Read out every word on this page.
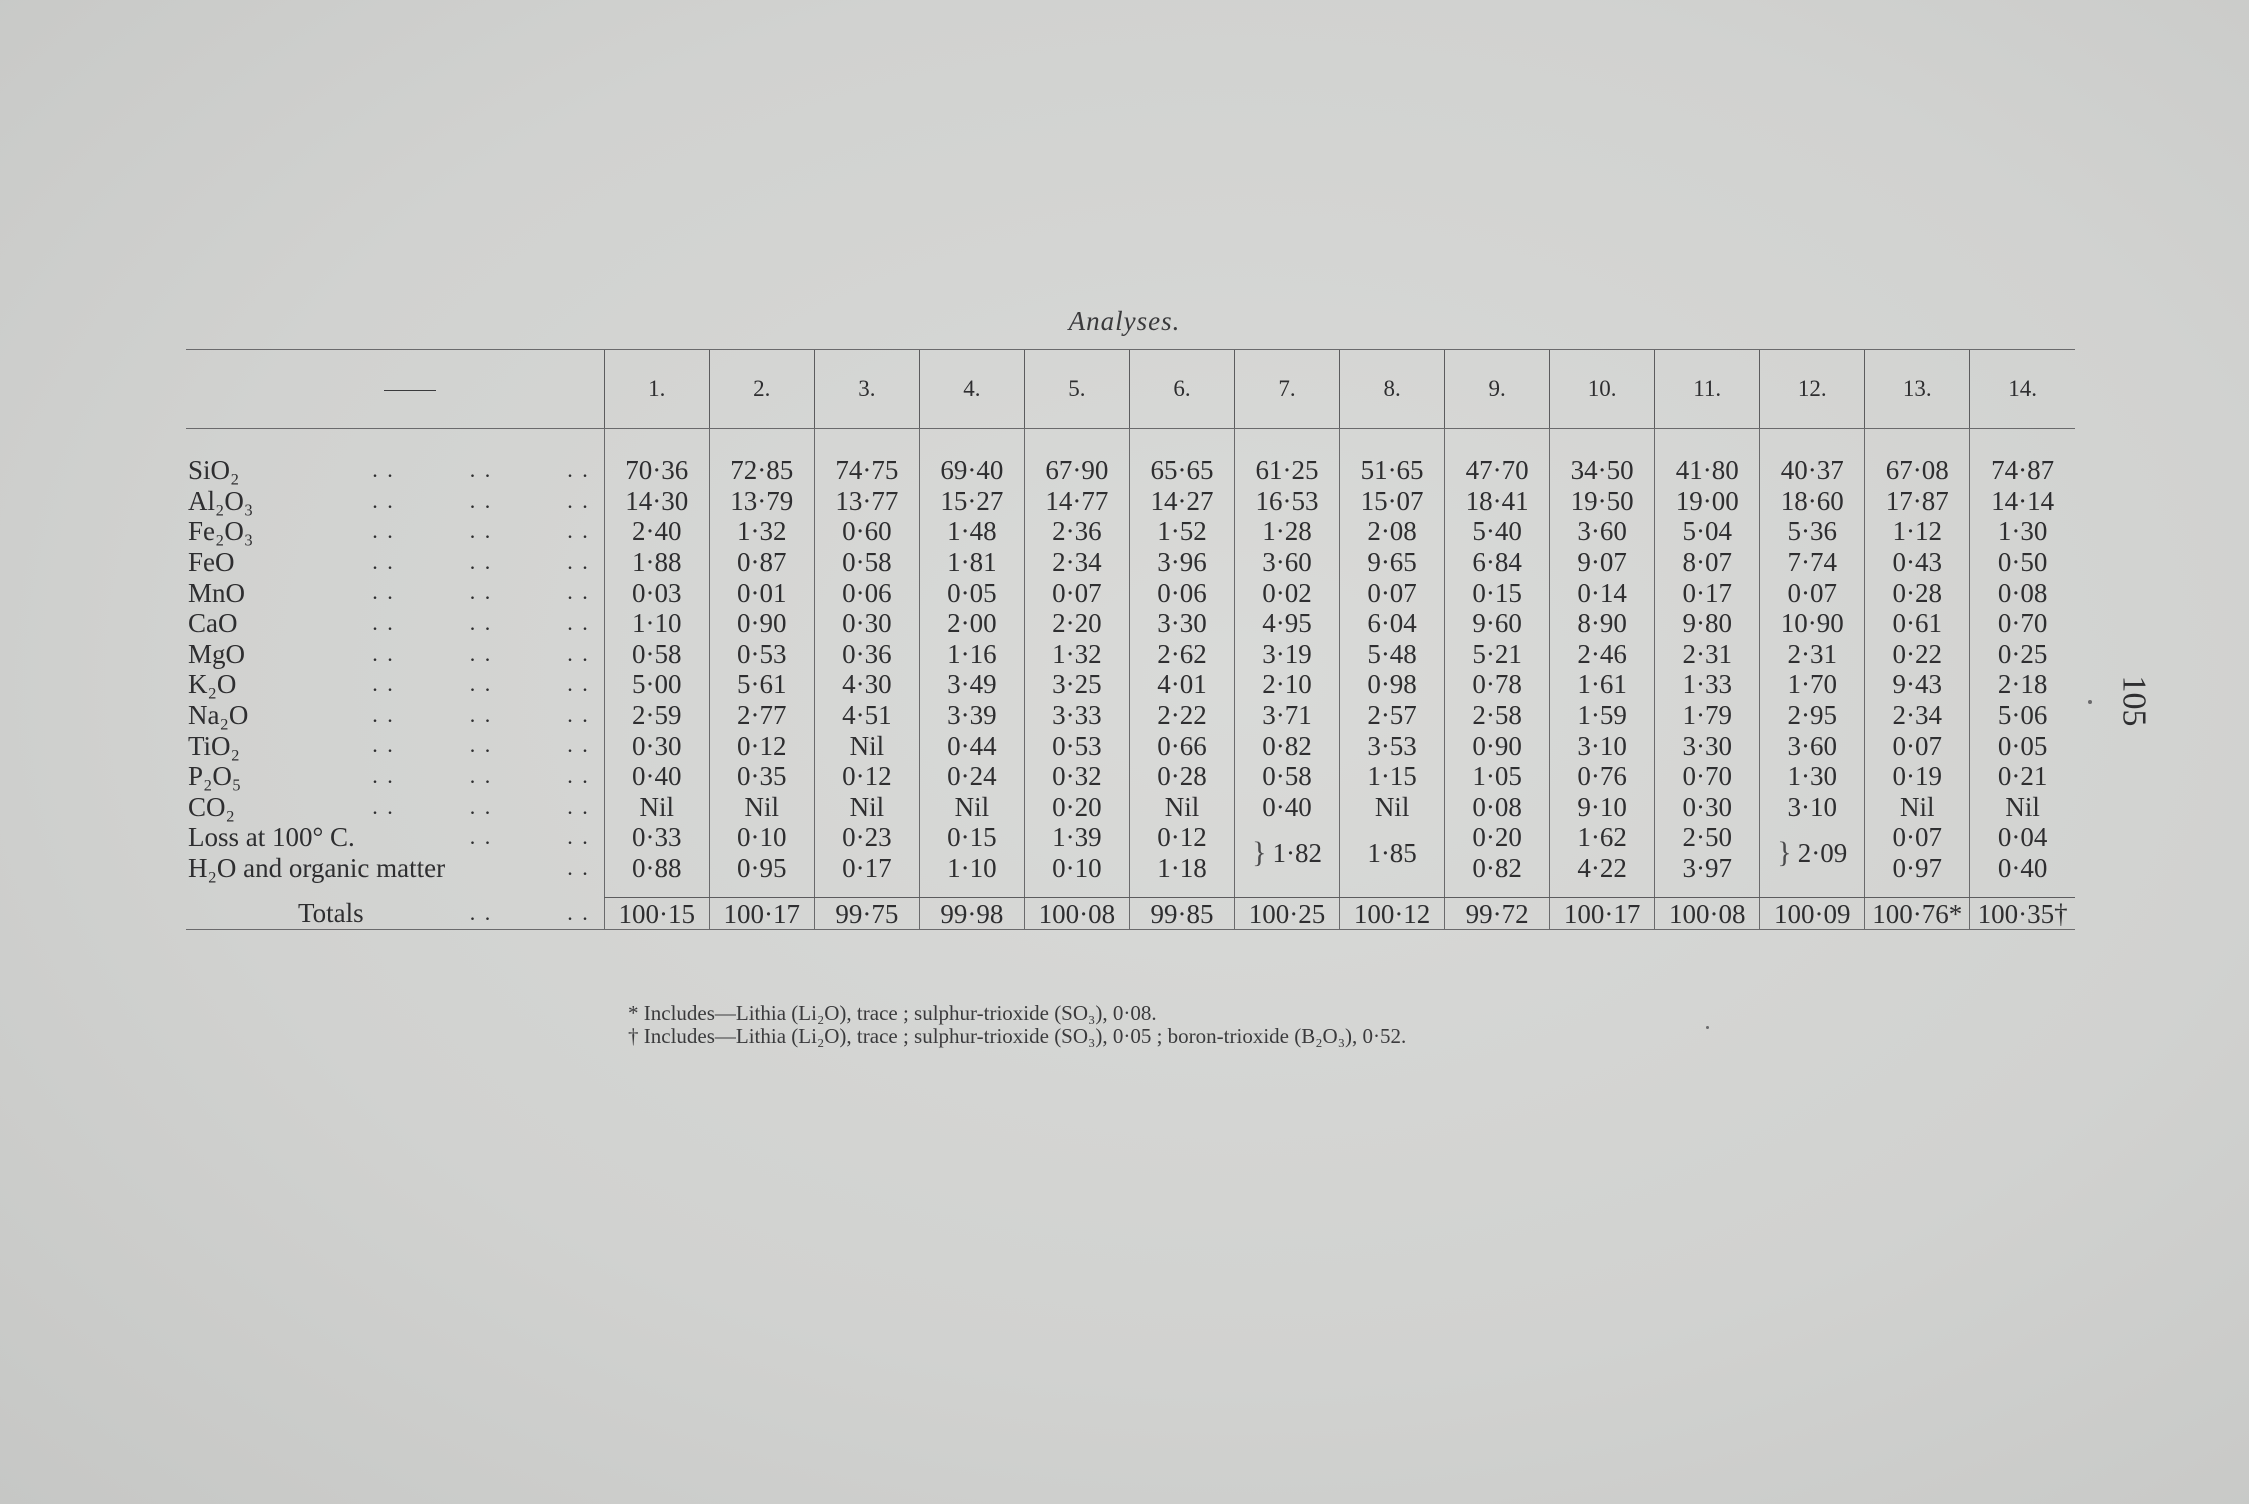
Analyses.
	1.	2.	3.	4.	5.	6.	7.	8.	9.	10.	11.	12.	13.	14.

SiO₂ . .          . .          . .	70·36	72·85	74·75	69·40	67·90	65·65	61·25	51·65	47·70	34·50	41·80	40·37	67·08	74·87
Al₂O₃ . .          . .          . .	14·30	13·79	13·77	15·27	14·77	14·27	16·53	15·07	18·41	19·50	19·00	18·60	17·87	14·14
Fe₂O₃ . .          . .          . .	2·40	1·32	0·60	1·48	2·36	1·52	1·28	2·08	5·40	3·60	5·04	5·36	1·12	1·30
FeO . .          . .          . .	1·88	0·87	0·58	1·81	2·34	3·96	3·60	9·65	6·84	9·07	8·07	7·74	0·43	0·50
MnO . .          . .          . .	0·03	0·01	0·06	0·05	0·07	0·06	0·02	0·07	0·15	0·14	0·17	0·07	0·28	0·08
CaO . .          . .          . .	1·10	0·90	0·30	2·00	2·20	3·30	4·95	6·04	9·60	8·90	9·80	10·90	0·61	0·70
MgO . .          . .          . .	0·58	0·53	0·36	1·16	1·32	2·62	3·19	5·48	5·21	2·46	2·31	2·31	0·22	0·25
K₂O . .          . .          . .	5·00	5·61	4·30	3·49	3·25	4·01	2·10	0·98	0·78	1·61	1·33	1·70	9·43	2·18
Na₂O . .          . .          . .	2·59	2·77	4·51	3·39	3·33	2·22	3·71	2·57	2·58	1·59	1·79	2·95	2·34	5·06
TiO₂ . .          . .          . .	0·30	0·12	Nil	0·44	0·53	0·66	0·82	3·53	0·90	3·10	3·30	3·60	0·07	0·05
P₂O₅ . .          . .          . .	0·40	0·35	0·12	0·24	0·32	0·28	0·58	1·15	1·05	0·76	0·70	1·30	0·19	0·21
CO₂ . .          . .          . .	Nil	Nil	Nil	Nil	0·20	Nil	0·40	Nil	0·08	9·10	0·30	3·10	Nil	Nil
Loss at 100° C. . .          . .	0·33	0·10	0·23	0·15	1·39	0·12	} 1·82	1·85	0·20	1·62	2·50	} 2·09	0·07	0·04
H₂O and organic matter . .	0·88	0·95	0·17	1·10	0·10	1·18			0·82	4·22	3·97		0·97	0·40

Totals . .          . .	100·15	100·17	99·75	99·98	100·08	99·85	100·25	100·12	99·72	100·17	100·08	100·09	100·76*	100·35†
* Includes—Lithia (Li₂O), trace ; sulphur-trioxide (SO₃), 0·08.
† Includes—Lithia (Li₂O), trace ; sulphur-trioxide (SO₃), 0·05 ; boron-trioxide (B₂O₃), 0·52.
105
